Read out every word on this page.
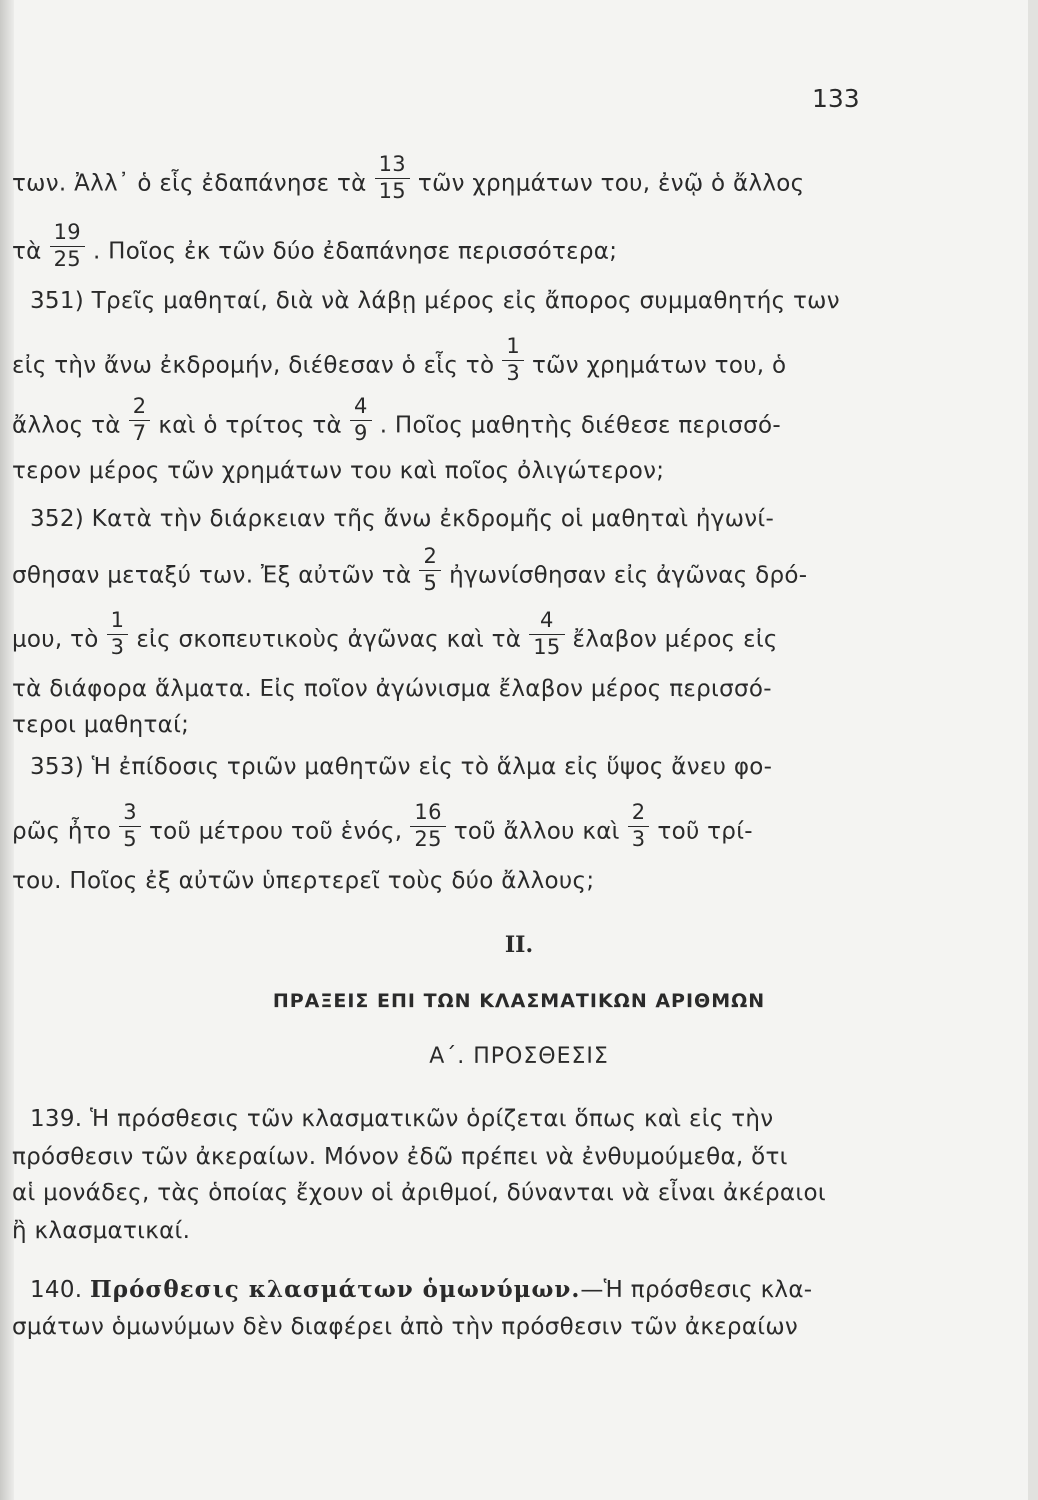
133
των. Ἀλλ᾽ ὁ εἷς ἐδαπάνησε τὰ $\frac{13}{15}$ τῶν χρημάτων του, ἐνῷ ὁ ἄλλος
τὰ $\frac{19}{25}$ . Ποῖος ἐκ τῶν δύο ἐδαπάνησε περισσότερα;
351) Τρεῖς μαθηταί, διὰ νὰ λάβῃ μέρος εἰς ἄπορος συμμαθητής των
εἰς τὴν ἄνω ἐκδρομήν, διέθεσαν ὁ εἷς τὸ $\frac{1}{3}$ τῶν χρημάτων του, ὁ
ἄλλος τὰ $\frac{2}{7}$ καὶ ὁ τρίτος τὰ $\frac{4}{9}$ . Ποῖος μαθητὴς διέθεσε περισσό-
τερον μέρος τῶν χρημάτων του καὶ ποῖος ὀλιγώτερον;
352) Κατὰ τὴν διάρκειαν τῆς ἄνω ἐκδρομῆς οἱ μαθηταὶ ἠγωνί-
σθησαν μεταξύ των. Ἐξ αὐτῶν τὰ $\frac{2}{5}$ ἠγωνίσθησαν εἰς ἀγῶνας δρό-
μου, τὸ $\frac{1}{3}$ εἰς σκοπευτικοὺς ἀγῶνας καὶ τὰ $\frac{4}{15}$ ἔλαβον μέρος εἰς
τὰ διάφορα ἅλματα. Εἰς ποῖον ἀγώνισμα ἔλαβον μέρος περισσό-
τεροι μαθηταί;
353) Ἡ ἐπίδοσις τριῶν μαθητῶν εἰς τὸ ἅλμα εἰς ὕψος ἄνευ φο-
ρῶς ἦτο $\frac{3}{5}$ τοῦ μέτρου τοῦ ἑνός, $\frac{16}{25}$ τοῦ ἄλλου καὶ $\frac{2}{3}$ τοῦ τρί-
του. Ποῖος ἐξ αὐτῶν ὑπερτερεῖ τοὺς δύο ἄλλους;
II.
ΠΡΑΞΕΙΣ ΕΠΙ ΤΩΝ ΚΛΑΣΜΑΤΙΚΩΝ ΑΡΙΘΜΩΝ
Α΄. ΠΡΟΣΘΕΣΙΣ
139. Ἡ πρόσθεσις τῶν κλασματικῶν ὁρίζεται ὅπως καὶ εἰς τὴν
πρόσθεσιν τῶν ἀκεραίων. Μόνον ἐδῶ πρέπει νὰ ἐνθυμούμεθα, ὅτι
αἱ μονάδες, τὰς ὁποίας ἔχουν οἱ ἀριθμοί, δύνανται νὰ εἶναι ἀκέραιοι
ἢ κλασματικαί.
140. Πρόσθεσις κλασμάτων ὁμωνύμων.—Ἡ πρόσθεσις κλα-
σμάτων ὁμωνύμων δὲν διαφέρει ἀπὸ τὴν πρόσθεσιν τῶν ἀκεραίων
